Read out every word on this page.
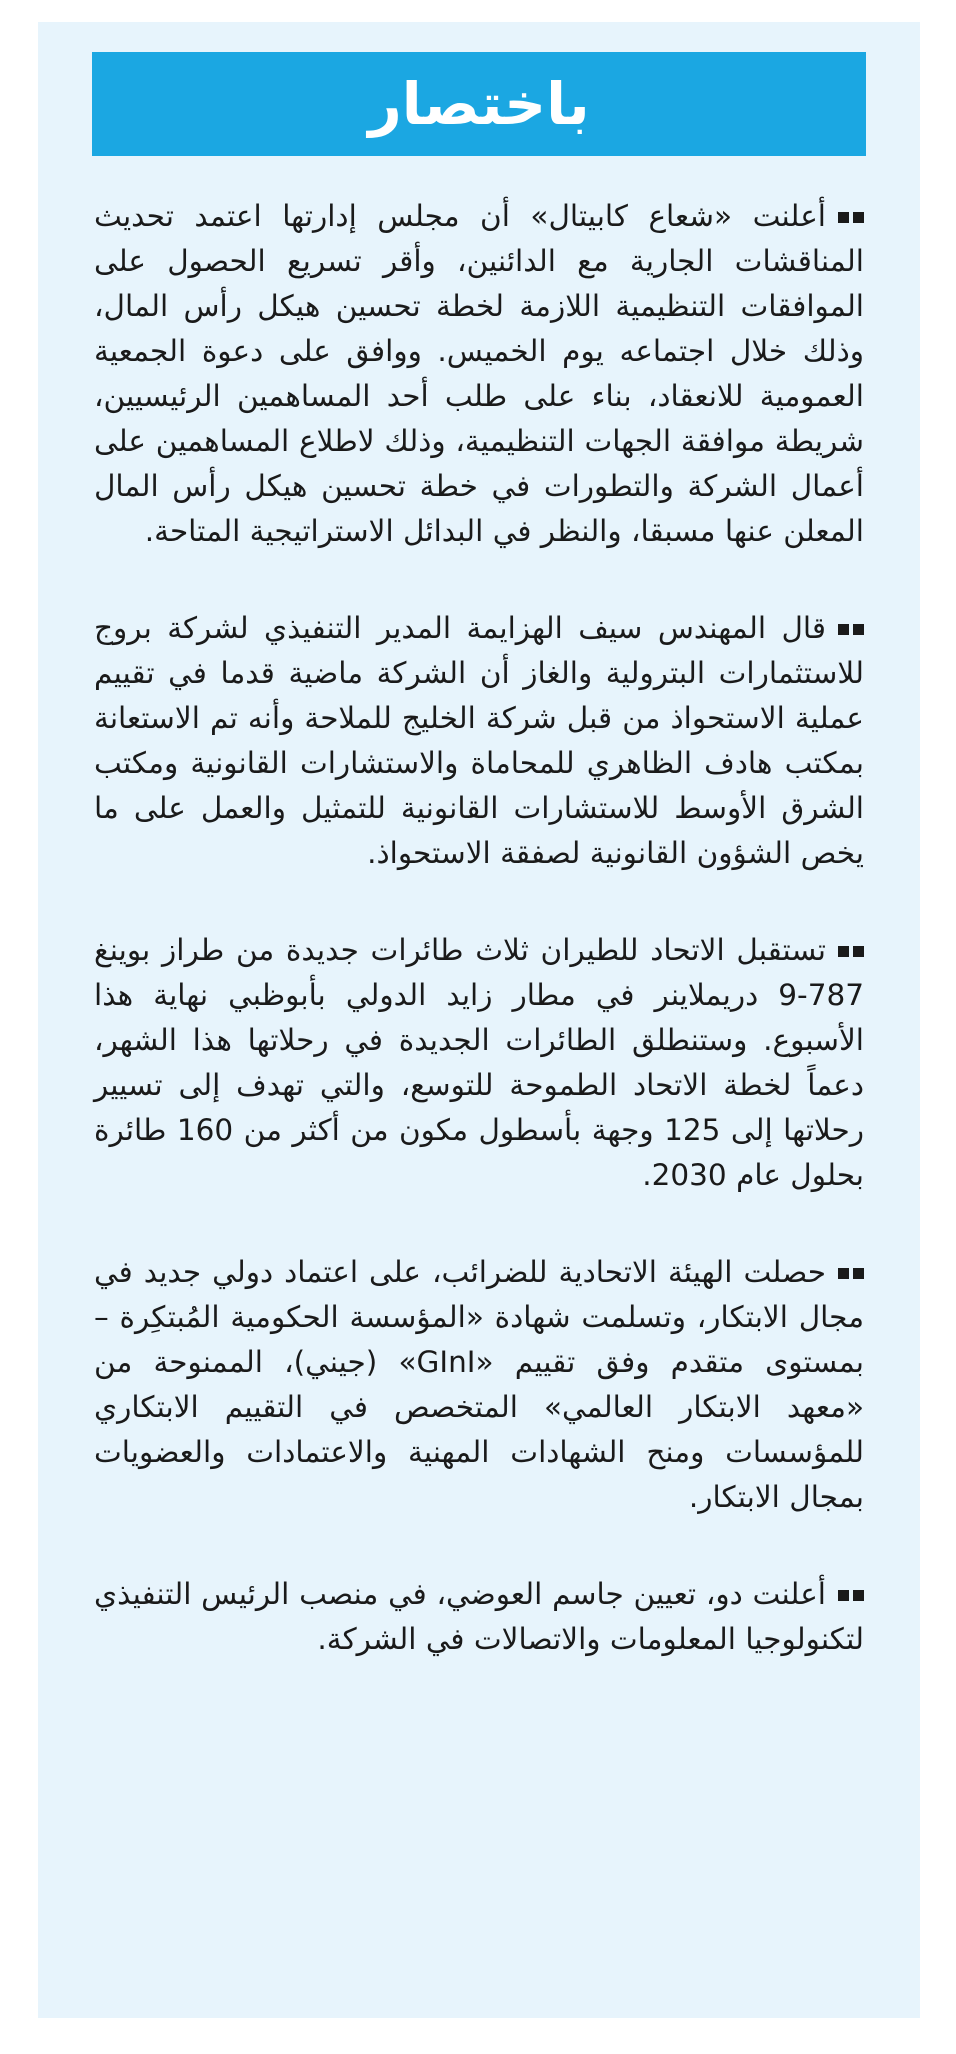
باختصار

أعلنت «شعاع كابيتال» أن مجلس إدارتها اعتمد تحديث المناقشات الجارية مع الدائنين، وأقر تسريع الحصول على الموافقات التنظيمية اللازمة لخطة تحسين هيكل رأس المال، وذلك خلال اجتماعه يوم الخميس. ووافق على دعوة الجمعية العمومية للانعقاد، بناء على طلب أحد المساهمين الرئيسيين، شريطة موافقة الجهات التنظيمية، وذلك لاطلاع المساهمين على أعمال الشركة والتطورات في خطة تحسين هيكل رأس المال المعلن عنها مسبقا، والنظر في البدائل الاستراتيجية المتاحة.

قال المهندس سيف الهزايمة المدير التنفيذي لشركة بروج للاستثمارات البترولية والغاز أن الشركة ماضية قدما في تقييم عملية الاستحواذ من قبل شركة الخليج للملاحة وأنه تم الاستعانة بمكتب هادف الظاهري للمحاماة والاستشارات القانونية ومكتب الشرق الأوسط للاستشارات القانونية للتمثيل والعمل على ما يخص الشؤون القانونية لصفقة الاستحواذ.

تستقبل الاتحاد للطيران ثلاث طائرات جديدة من طراز بوينغ 787-9 دريملاينر في مطار زايد الدولي بأبوظبي نهاية هذا الأسبوع. وستنطلق الطائرات الجديدة في رحلاتها هذا الشهر، دعماً لخطة الاتحاد الطموحة للتوسع، والتي تهدف إلى تسيير رحلاتها إلى 125 وجهة بأسطول مكون من أكثر من 160 طائرة بحلول عام 2030.

حصلت الهيئة الاتحادية للضرائب، على اعتماد دولي جديد في مجال الابتكار، وتسلمت شهادة «المؤسسة الحكومية المُبتكِرة – بمستوى متقدم وفق تقييم «GInI» (جيني)، الممنوحة من «معهد الابتكار العالمي» المتخصص في التقييم الابتكاري للمؤسسات ومنح الشهادات المهنية والاعتمادات والعضويات بمجال الابتكار.

أعلنت دو، تعيين جاسم العوضي، في منصب الرئيس التنفيذي لتكنولوجيا المعلومات والاتصالات في الشركة.
